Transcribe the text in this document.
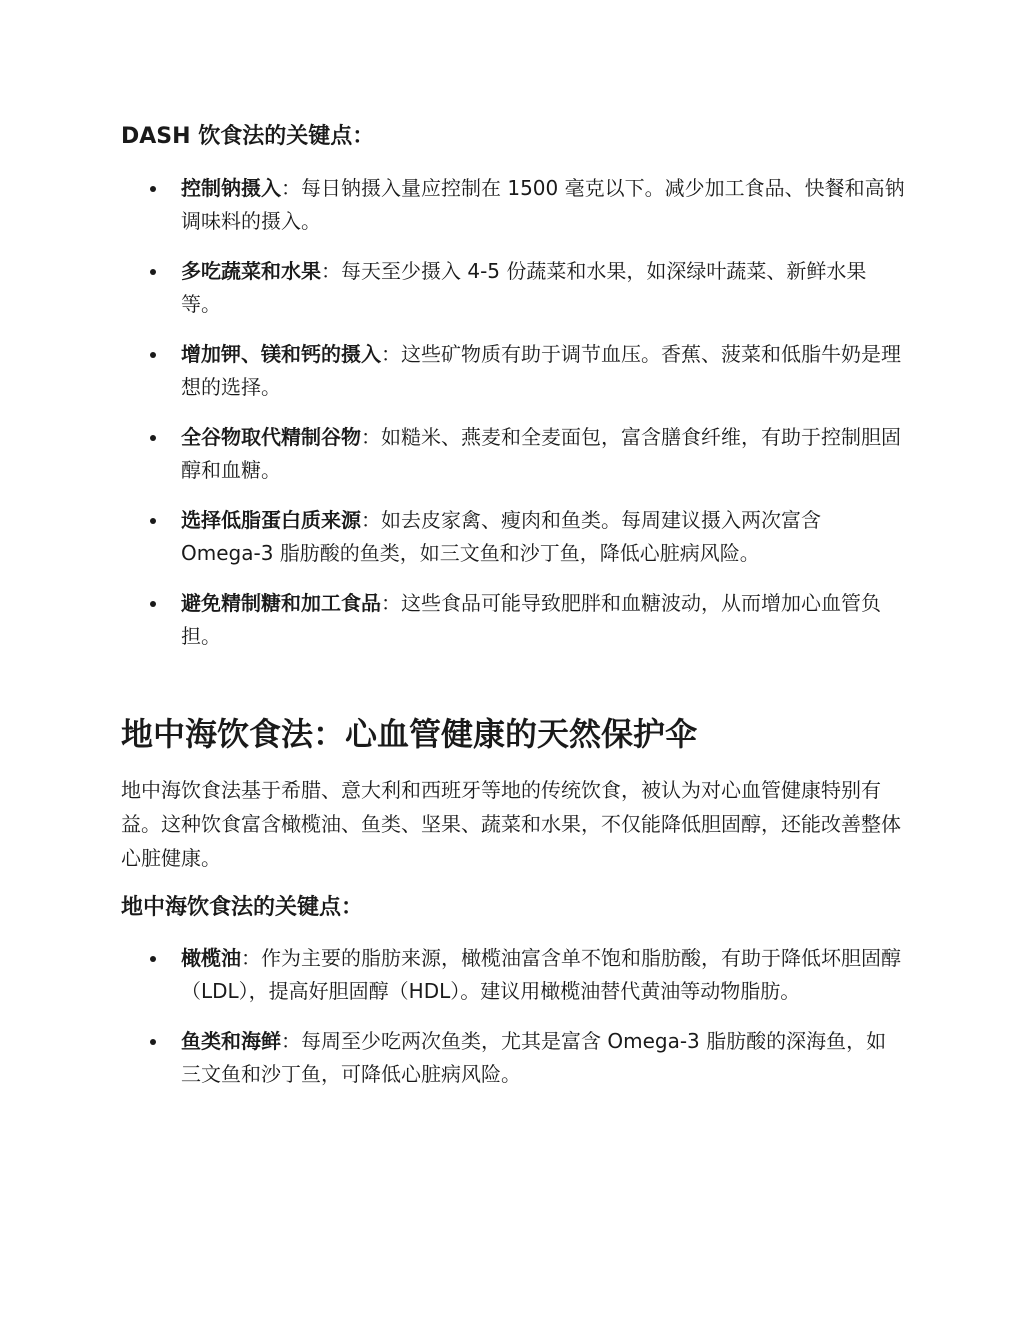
DASH 饮食法的关键点：
控制钠摄入：每日钠摄入量应控制在 1500 毫克以下。减少加工食品、快餐和高钠调味料的摄入。
多吃蔬菜和水果：每天至少摄入 4-5 份蔬菜和水果，如深绿叶蔬菜、新鲜水果等。
增加钾、镁和钙的摄入：这些矿物质有助于调节血压。香蕉、菠菜和低脂牛奶是理想的选择。
全谷物取代精制谷物：如糙米、燕麦和全麦面包，富含膳食纤维，有助于控制胆固醇和血糖。
选择低脂蛋白质来源：如去皮家禽、瘦肉和鱼类。每周建议摄入两次富含 Omega-3 脂肪酸的鱼类，如三文鱼和沙丁鱼，降低心脏病风险。
避免精制糖和加工食品：这些食品可能导致肥胖和血糖波动，从而增加心血管负担。
地中海饮食法：心血管健康的天然保护伞

地中海饮食法基于希腊、意大利和西班牙等地的传统饮食，被认为对心血管健康特别有益。这种饮食富含橄榄油、鱼类、坚果、蔬菜和水果，不仅能降低胆固醇，还能改善整体心脏健康。

地中海饮食法的关键点：
橄榄油：作为主要的脂肪来源，橄榄油富含单不饱和脂肪酸，有助于降低坏胆固醇（LDL），提高好胆固醇（HDL）。建议用橄榄油替代黄油等动物脂肪。
鱼类和海鲜：每周至少吃两次鱼类，尤其是富含 Omega-3 脂肪酸的深海鱼，如三文鱼和沙丁鱼，可降低心脏病风险。
